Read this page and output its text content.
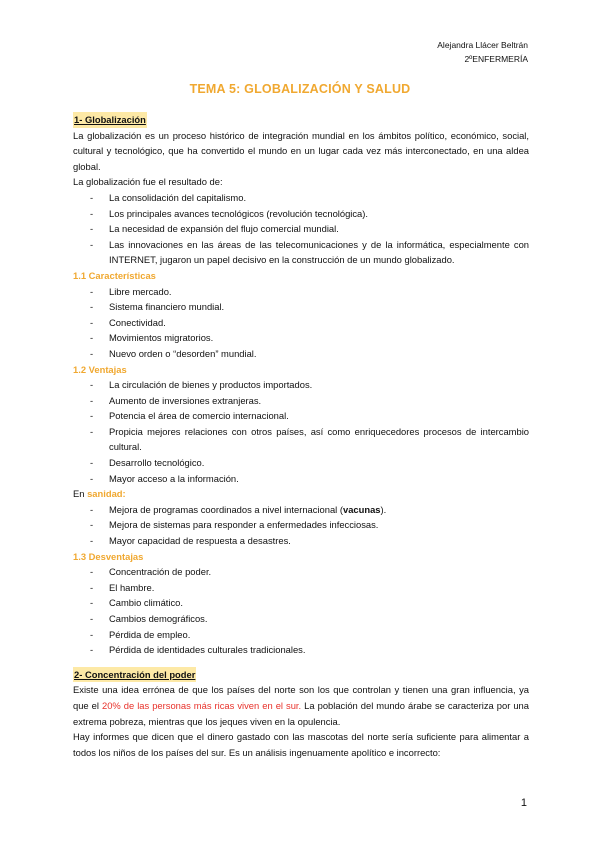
Alejandra Llácer Beltrán
2ºENFERMERÍA
TEMA 5: GLOBALIZACIÓN Y SALUD
1- Globalización

La globalización es un proceso histórico de integración mundial en los ámbitos político, económico, social, cultural y tecnológico, que ha convertido el mundo en un lugar cada vez más interconectado, en una aldea global.

La globalización fue el resultado de:

- La consolidación del capitalismo.
- Los principales avances tecnológicos (revolución tecnológica).
- La necesidad de expansión del flujo comercial mundial.
- Las innovaciones en las áreas de las telecomunicaciones y de la informática, especialmente con INTERNET, jugaron un papel decisivo en la construcción de un mundo globalizado.

1.1 Características

- Libre mercado.
- Sistema financiero mundial.
- Conectividad.
- Movimientos migratorios.
- Nuevo orden o “desorden” mundial.

1.2 Ventajas

- La circulación de bienes y productos importados.
- Aumento de inversiones extranjeras.
- Potencia el área de comercio internacional.
- Propicia mejores relaciones con otros países, así como enriquecedores procesos de intercambio cultural.
- Desarrollo tecnológico.
- Mayor acceso a la información.

En sanidad:

- Mejora de programas coordinados a nivel internacional (vacunas).
- Mejora de sistemas para responder a enfermedades infecciosas.
- Mayor capacidad de respuesta a desastres.

1.3 Desventajas

- Concentración de poder.
- El hambre.
- Cambio climático.
- Cambios demográficos.
- Pérdida de empleo.
- Pérdida de identidades culturales tradicionales.
2- Concentración del poder

Existe una idea errónea de que los países del norte son los que controlan y tienen una gran influencia, ya que el 20% de las personas más ricas viven en el sur. La población del mundo árabe se caracteriza por una extrema pobreza, mientras que los jeques viven en la opulencia.

Hay informes que dicen que el dinero gastado con las mascotas del norte sería suficiente para alimentar a todos los niños de los países del sur. Es un análisis ingenuamente apolítico e incorrecto:

1
